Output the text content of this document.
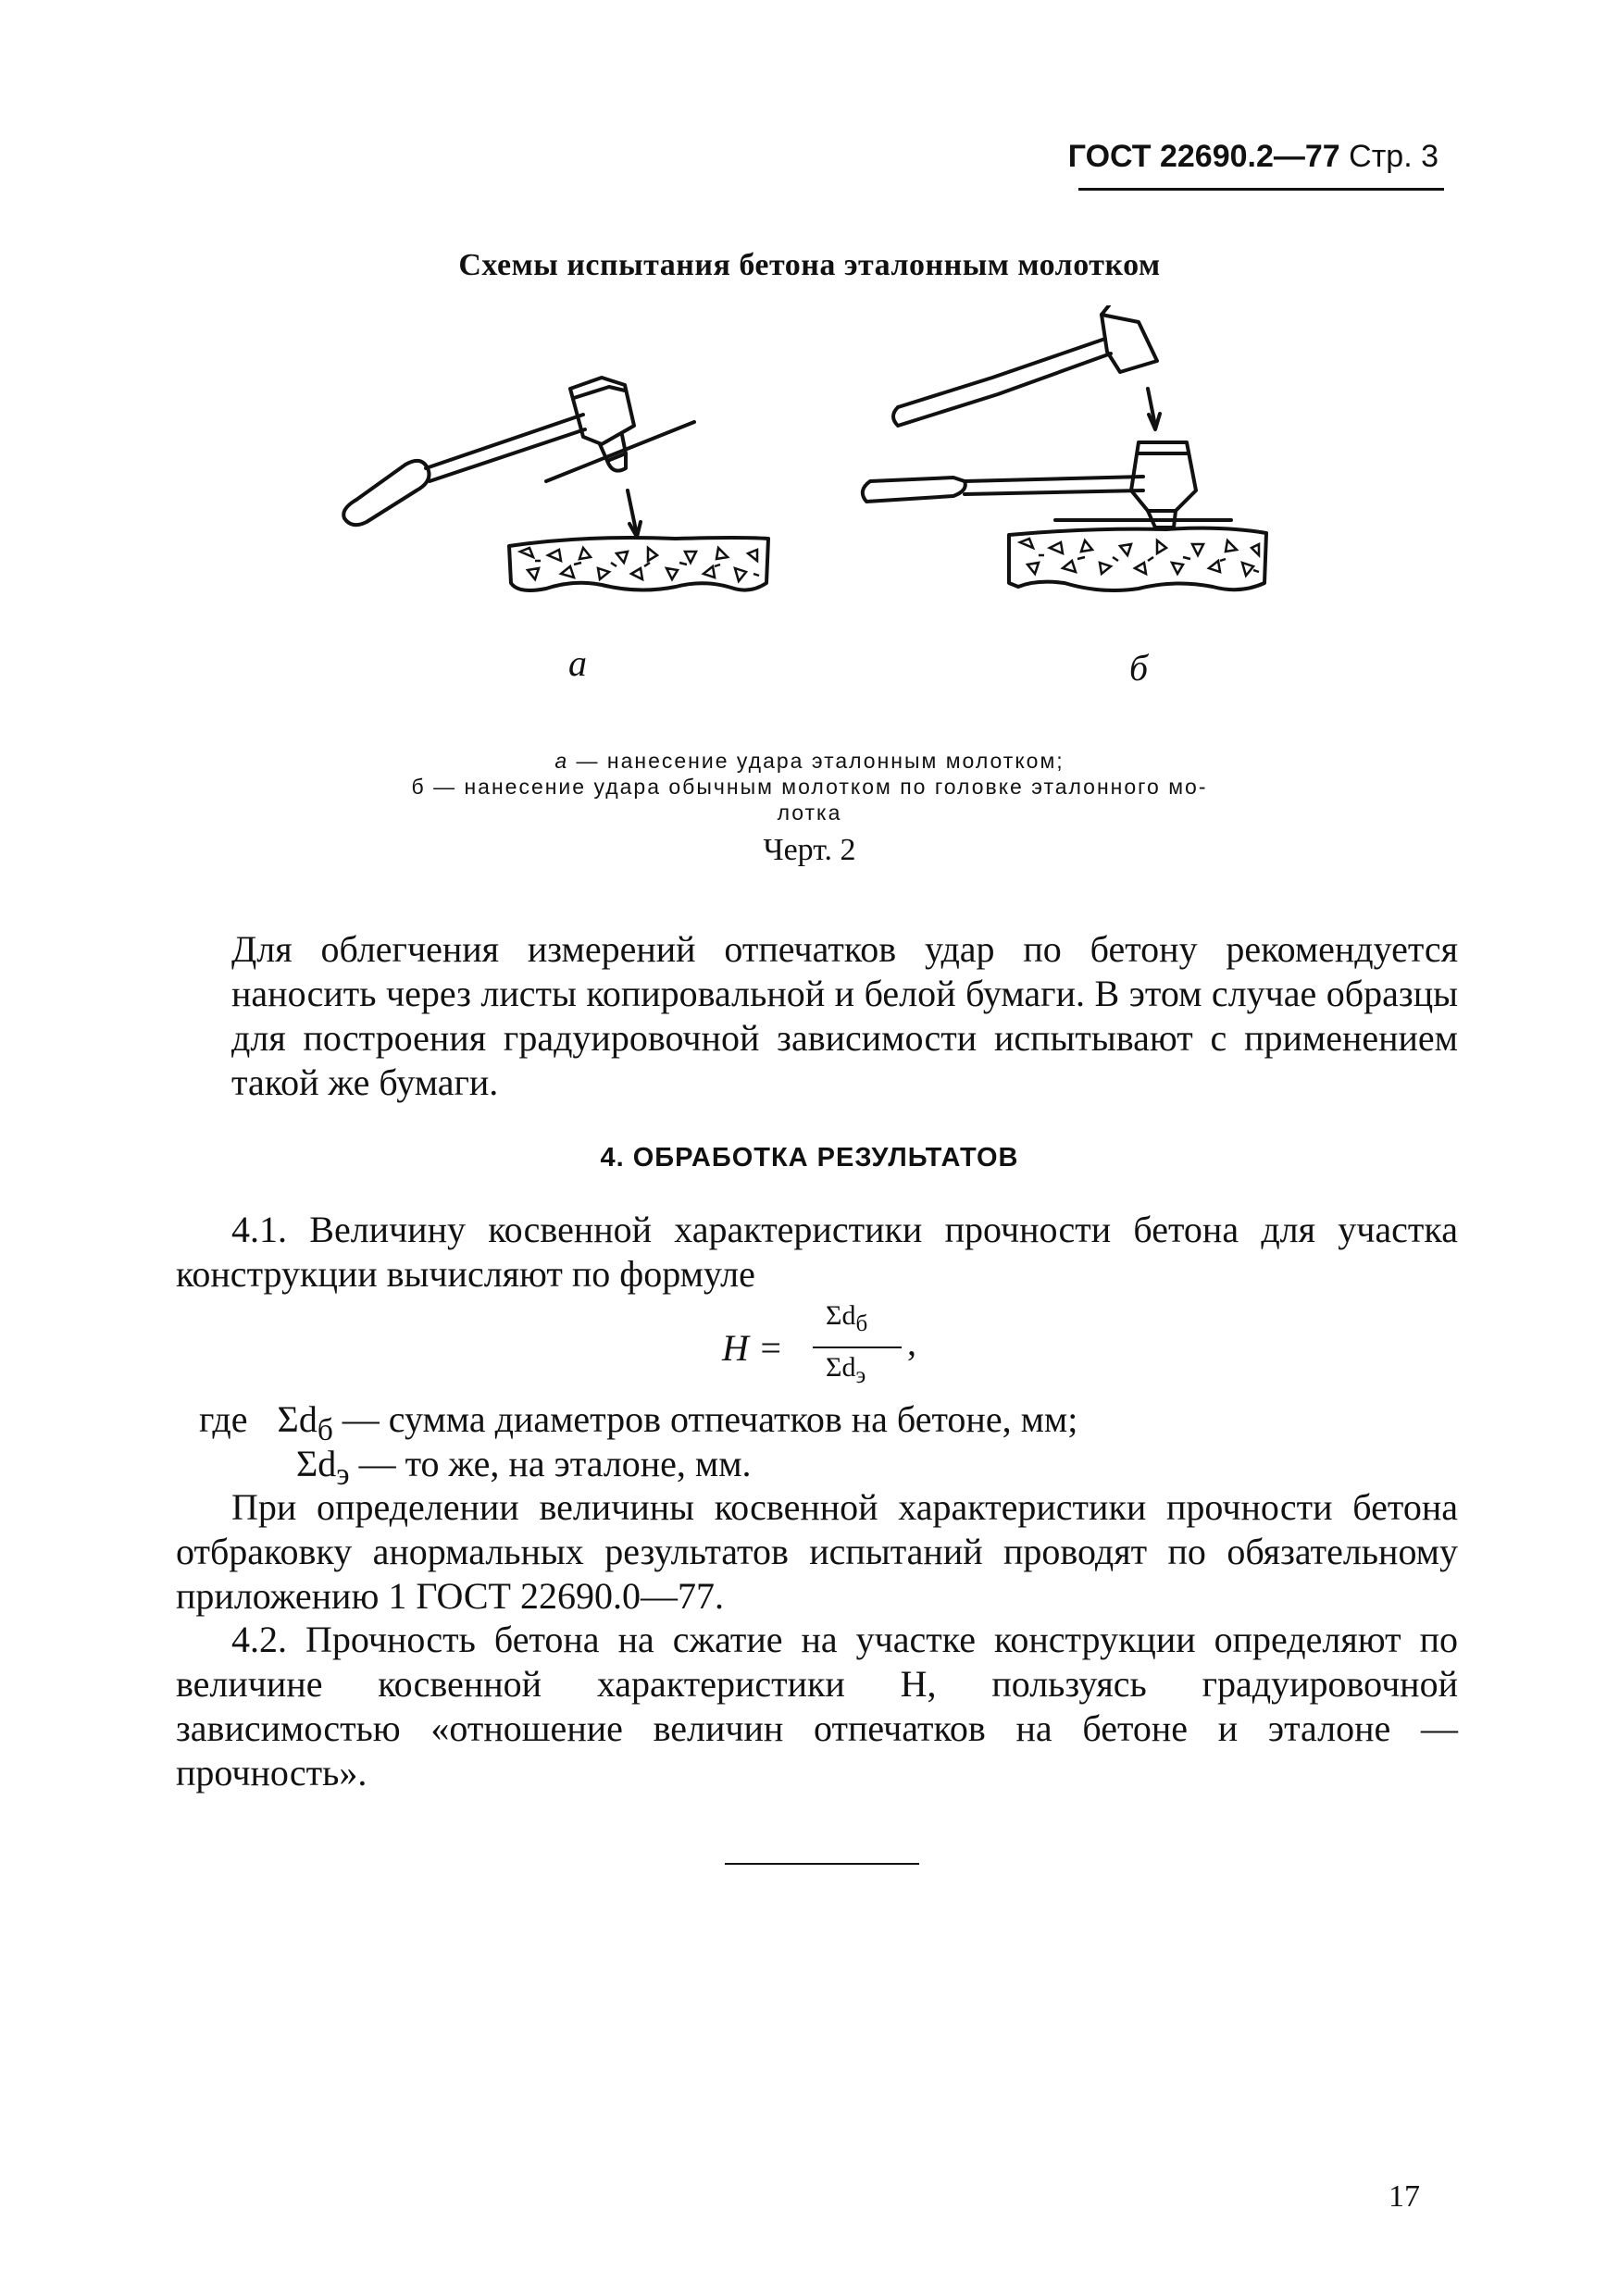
ГОСТ 22690.2—77 Стр. 3
Схемы испытания бетона эталонным молотком
а	б
а — нанесение удара эталонным молотком;
б — нанесение удара обычным молотком по головке эталонного мо-
лотка
Черт. 2
Для облегчения измерений отпечатков удар по бетону рекомендуется наносить через листы копировальной и белой бумаги. В этом случае образцы для построения градуировочной зависимости испытывают с применением такой же бумаги.
4. ОБРАБОТКА РЕЗУЛЬТАТОВ
4.1. Величину косвенной характеристики прочности бетона для участка конструкции вычисляют по формуле
H =
$\Sigma d_б$
$\Sigma d_э$
,
где $\Sigma d_б$ — сумма диаметров отпечатков на бетоне, мм;
$\Sigma d_э$ — то же, на эталоне, мм.
При определении величины косвенной характеристики прочности бетона отбраковку анормальных результатов испытаний проводят по обязательному приложению 1 ГОСТ 22690.0—77.
4.2. Прочность бетона на сжатие на участке конструкции определяют по величине косвенной характеристики H, пользуясь градуировочной зависимостью «отношение величин отпечатков на бетоне и эталоне — прочность».
17
